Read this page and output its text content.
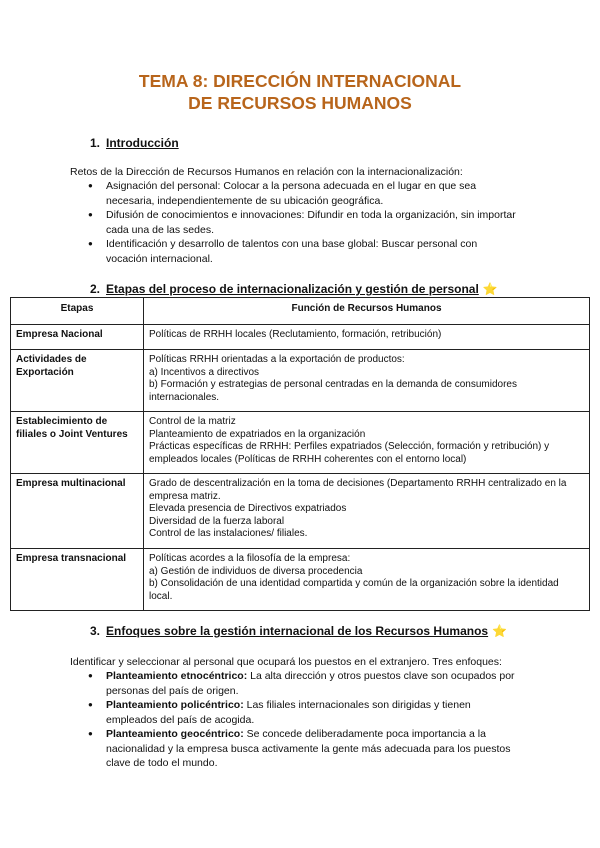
TEMA 8: DIRECCIÓN INTERNACIONAL
DE RECURSOS HUMANOS
1. Introducción
Retos de la Dirección de Recursos Humanos en relación con la internacionalización:
● Asignación del personal: Colocar a la persona adecuada en el lugar en que sea necesaria, independientemente de su ubicación geográfica.
● Difusión de conocimientos e innovaciones: Difundir en toda la organización, sin importar cada una de las sedes.
● Identificación y desarrollo de talentos con una base global: Buscar personal con vocación internacional.
2. Etapas del proceso de internacionalización y gestión de personal ⭐
Etapas	Función de Recursos Humanos
Empresa Nacional	Políticas de RRHH locales (Reclutamiento, formación, retribución)

Actividades de Exportación	Políticas RRHH orientadas a la exportación de productos:
a) Incentivos a directivos
b) Formación y estrategias de personal centradas en la demanda de consumidores internacionales.

Establecimiento de filiales o Joint Ventures	Control de la matriz
Planteamiento de expatriados en la organización
Prácticas específicas de RRHH: Perfiles expatriados (Selección, formación y retribución) y empleados locales (Políticas de RRHH coherentes con el entorno local)

Empresa multinacional	Grado de descentralización en la toma de decisiones (Departamento RRHH centralizado en la empresa matriz.
Elevada presencia de Directivos expatriados
Diversidad de la fuerza laboral
Control de las instalaciones/ filiales.

Empresa transnacional	Políticas acordes a la filosofía de la empresa:
a) Gestión de individuos de diversa procedencia
b) Consolidación de una identidad compartida y común de la organización sobre la identidad local.
3. Enfoques sobre la gestión internacional de los Recursos Humanos ⭐
Identificar y seleccionar al personal que ocupará los puestos en el extranjero. Tres enfoques:
● Planteamiento etnocéntrico: La alta dirección y otros puestos clave son ocupados por personas del país de origen.
● Planteamiento policéntrico: Las filiales internacionales son dirigidas y tienen empleados del país de acogida.
● Planteamiento geocéntrico: Se concede deliberadamente poca importancia a la nacionalidad y la empresa busca activamente la gente más adecuada para los puestos clave de todo el mundo.
